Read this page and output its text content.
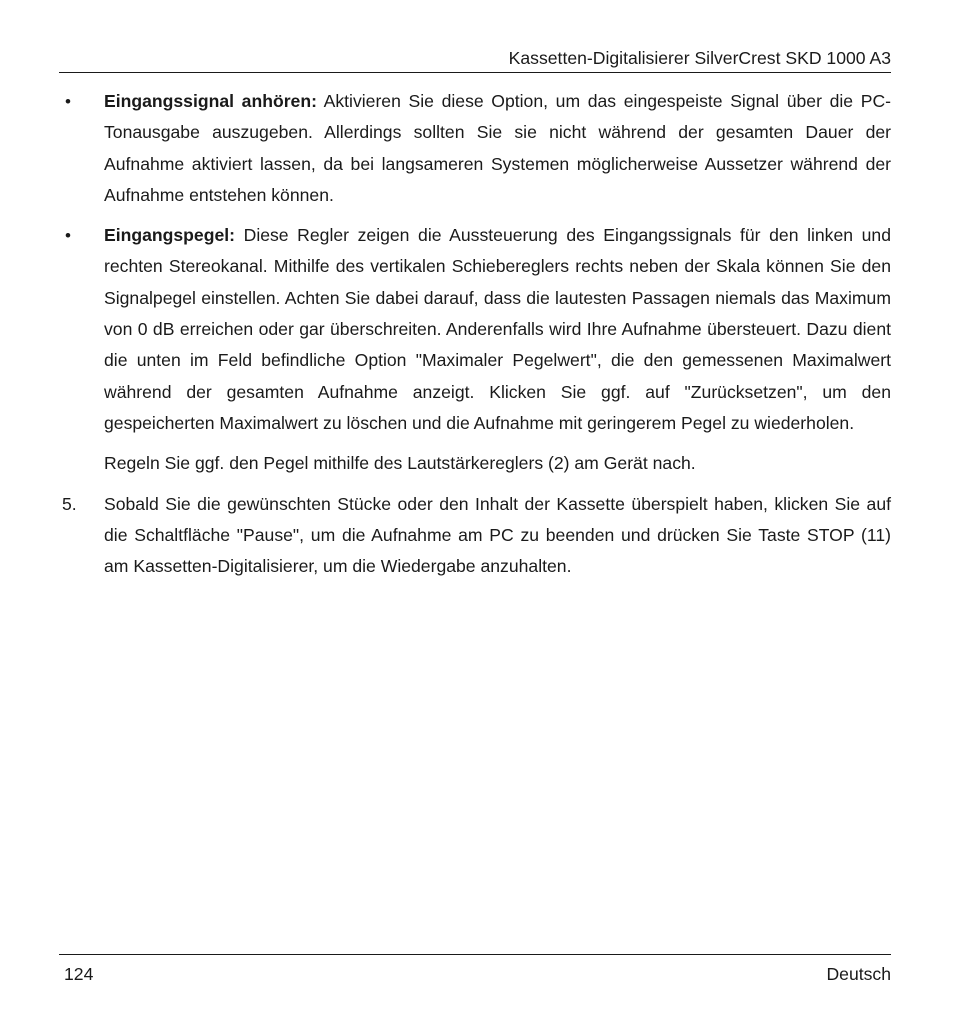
Kassetten-Digitalisierer SilverCrest SKD 1000 A3
• Eingangssignal anhören: Aktivieren Sie diese Option, um das eingespeiste Signal über die PC-Tonausgabe auszugeben. Allerdings sollten Sie sie nicht während der gesamten Dauer der Aufnahme aktiviert lassen, da bei langsameren Systemen möglicherweise Aussetzer während der Aufnahme entstehen können.

• Eingangspegel: Diese Regler zeigen die Aussteuerung des Eingangssignals für den linken und rechten Stereokanal. Mithilfe des vertikalen Schiebereglers rechts neben der Skala können Sie den Signalpegel einstellen. Achten Sie dabei darauf, dass die lautesten Passagen niemals das Maximum von 0 dB erreichen oder gar überschreiten. Anderenfalls wird Ihre Aufnahme übersteuert. Dazu dient die unten im Feld befindliche Option "Maximaler Pegelwert", die den gemessenen Maximalwert während der gesamten Aufnahme anzeigt. Klicken Sie ggf. auf "Zurücksetzen", um den gespeicherten Maximalwert zu löschen und die Aufnahme mit geringerem Pegel zu wiederholen.

Regeln Sie ggf. den Pegel mithilfe des Lautstärkereglers (2) am Gerät nach.

5. Sobald Sie die gewünschten Stücke oder den Inhalt der Kassette überspielt haben, klicken Sie auf die Schaltfläche "Pause", um die Aufnahme am PC zu beenden und drücken Sie Taste STOP (11) am Kassetten-Digitalisierer, um die Wiedergabe anzuhalten.

124	Deutsch
